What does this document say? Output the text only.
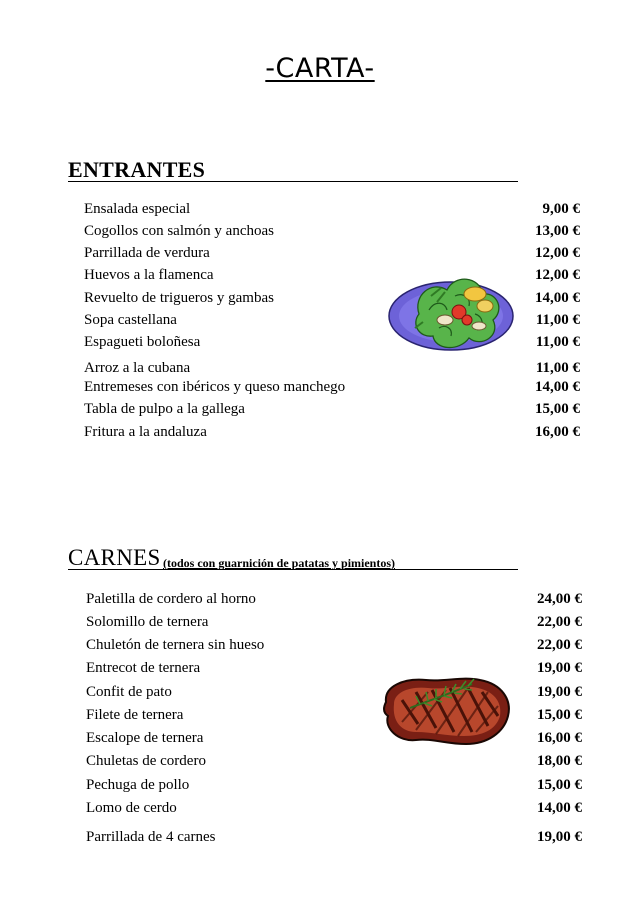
-CARTA-
ENTRANTES
Ensalada especial	9,00 €
Cogollos con salmón y anchoas	13,00 €
Parrillada de verdura	12,00 €
Huevos a la flamenca	12,00 €
Revuelto de trigueros y gambas	14,00 €
Sopa castellana	11,00 €
Espagueti boloñesa	11,00 €
Arroz a la cubana	11,00 €
Entremeses con ibéricos y queso manchego	14,00 €
Tabla de pulpo a la gallega	15,00 €
Fritura a la andaluza	16,00 €
CARNES (todos con guarnición de patatas y pimientos)
Paletilla de cordero al horno	24,00 €
Solomillo de ternera	22,00 €
Chuletón de ternera sin hueso	22,00 €
Entrecot de ternera	19,00 €
Confit de pato	19,00 €
Filete de ternera	15,00 €
Escalope de ternera	16,00 €
Chuletas de cordero	18,00 €
Pechuga de pollo	15,00 €
Lomo de cerdo	14,00 €
Parrillada de 4 carnes	19,00 €
